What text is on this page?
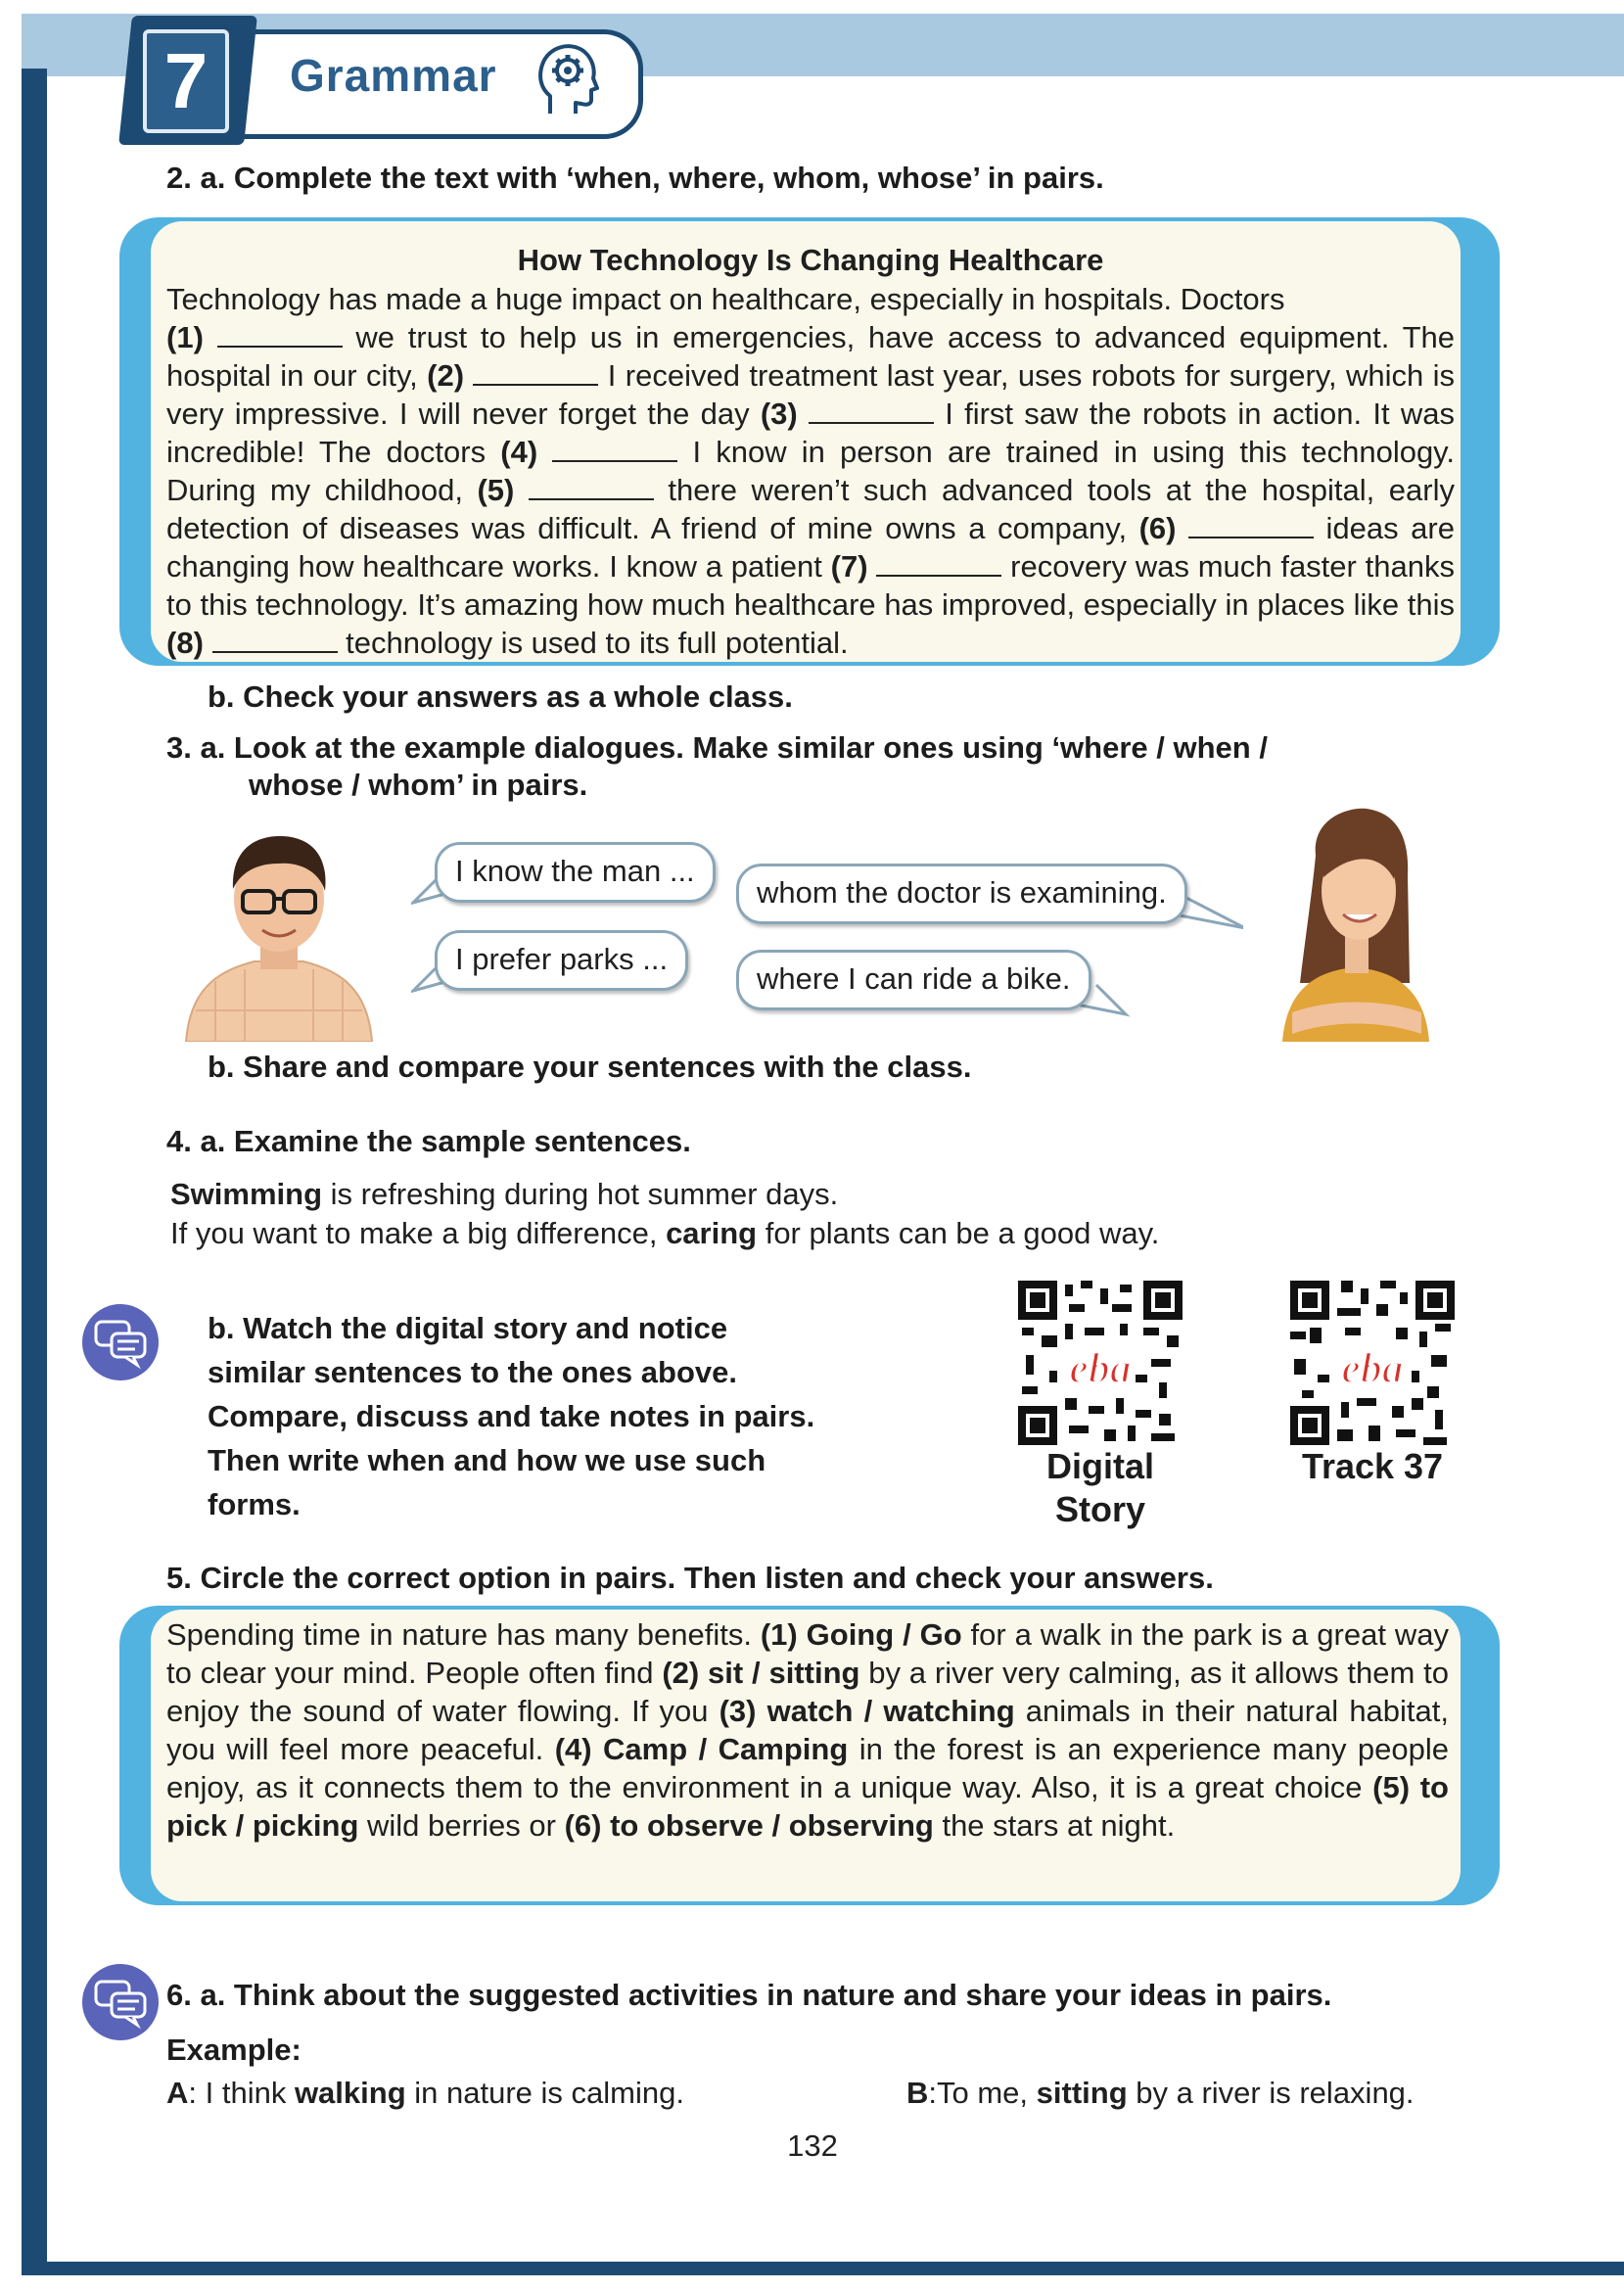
7	Grammar
2. a. Complete the text with ‘when, where, whom, whose’ in pairs.
How Technology Is Changing Healthcare
Technology has made a huge impact on healthcare, especially in hospitals. Doctors
(1)	we trust to help us in emergencies, have access to advanced equipment. The hospital in our city, (2)	I received treatment last year, uses robots for surgery, which is very impressive. I will never forget the day (3)	I first saw the robots in action. It was incredible! The doctors (4)	I know in person are trained in using this technology. During my childhood, (5)	there weren’t such advanced tools at the hospital, early detection of diseases was difficult. A friend of mine owns a company, (6)	ideas are changing how healthcare works. I know a patient (7)	recovery was much faster thanks to this technology. It’s amazing how much healthcare has improved, especially in places like this (8)	technology is used to its full potential.
b. Check your answers as a whole class.
3. a. Look at the example dialogues. Make similar ones using ‘where / when /
whose / whom’ in pairs.
I know the man ...
whom the doctor is examining.
I prefer parks ...
where I can ride a bike.
b. Share and compare your sentences with the class.
4. a. Examine the sample sentences.
Swimming is refreshing during hot summer days.
If you want to make a big difference, caring for plants can be a good way.
b. Watch the digital story and notice
similar sentences to the ones above.
Compare, discuss and take notes in pairs.
Then write when and how we use such
forms.
eba
Digital
Story
eba
Track 37
5. Circle the correct option in pairs. Then listen and check your answers.
Spending time in nature has many benefits. (1) Going / Go for a walk in the park is a great way to clear your mind. People often find (2) sit / sitting by a river very calming, as it allows them to enjoy the sound of water flowing. If you (3) watch / watching animals in their natural habitat, you will feel more peaceful. (4) Camp / Camping in the forest is an experience many people enjoy, as it connects them to the environment in a unique way. Also, it is a great choice (5) to pick / picking wild berries or (6) to observe / observing the stars at night.
6. a. Think about the suggested activities in nature and share your ideas in pairs.
Example:
A: I think walking in nature is calming.	B:To me, sitting by a river is relaxing.
132
